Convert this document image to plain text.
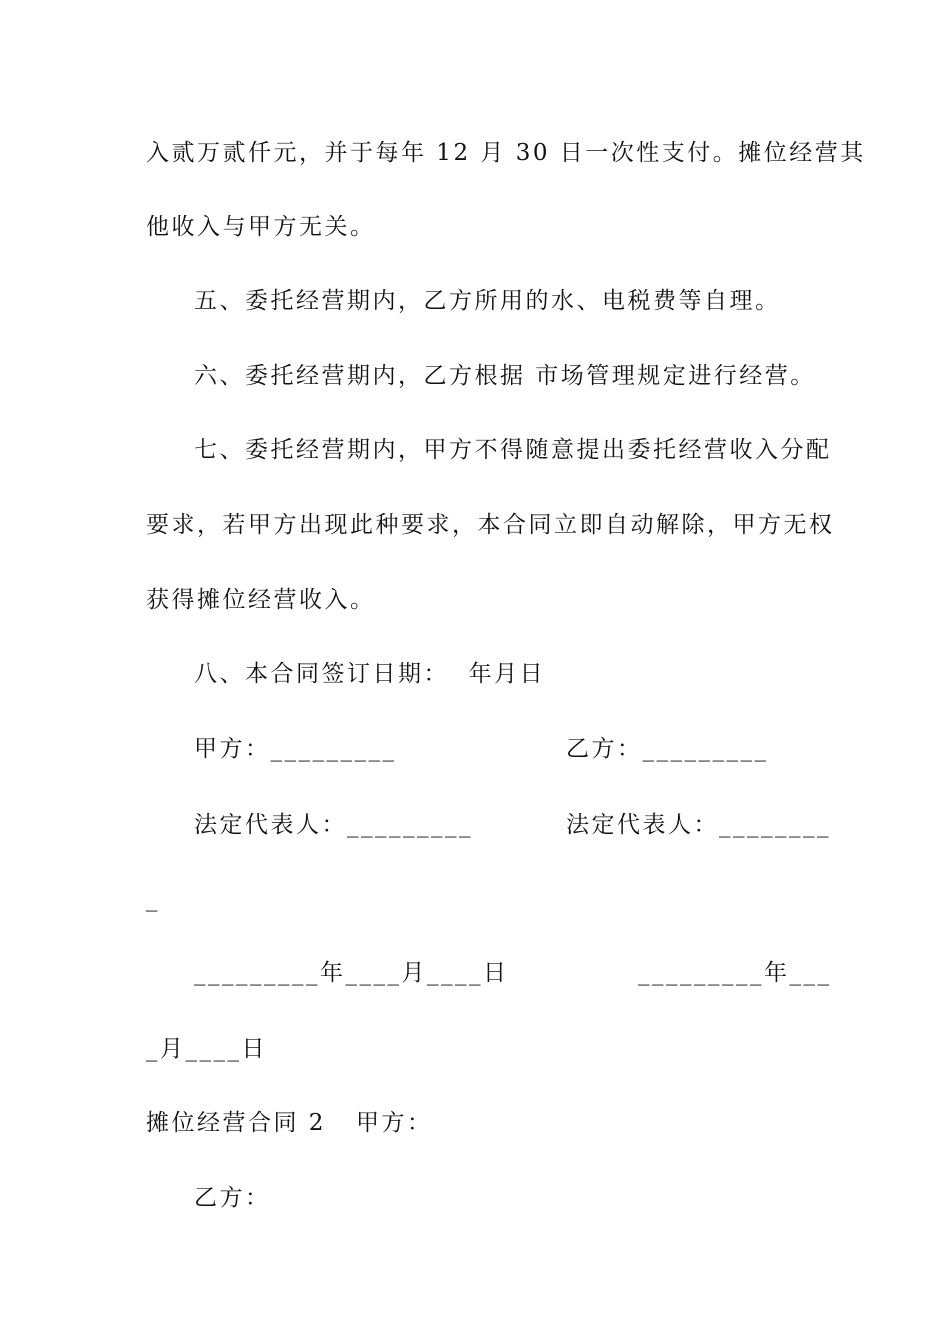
入贰万贰仟元，并于每年 12 月 30 日一次性支付。摊位经营其
他收入与甲方无关。
五、委托经营期内，乙方所用的水、电税费等自理。
六、委托经营期内，乙方根据 市场管理规定进行经营。
七、委托经营期内，甲方不得随意提出委托经营收入分配
要求，若甲方出现此种要求，本合同立即自动解除，甲方无权
获得摊位经营收入。
八、本合同签订日期：  年月日
甲方：_________	乙方：_________
法定代表人：_________	法定代表人：________
_
_________年____月____日	_________年___
_月____日
摊位经营合同 2 甲方：
乙方：
